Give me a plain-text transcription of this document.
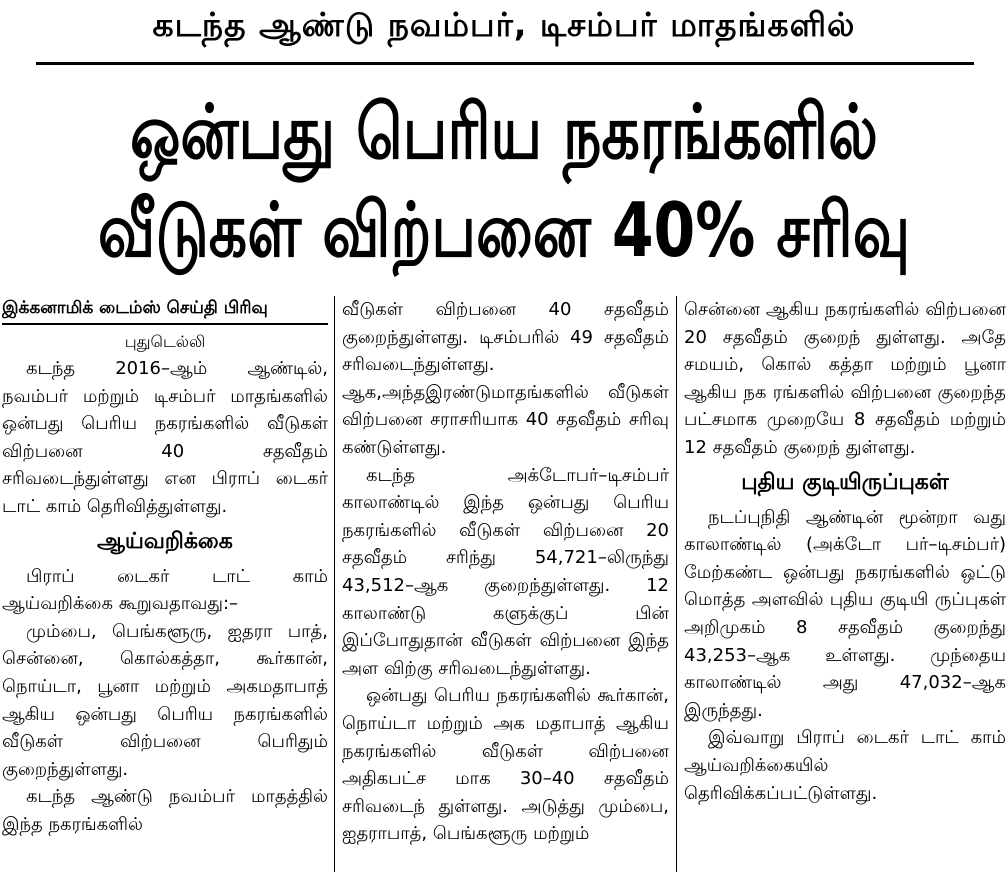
கடந்த ஆண்டு நவம்பர், டிசம்பர் மாதங்களில்
ஒன்பது பெரிய நகரங்களில்
வீடுகள் விற்பனை 40% சரிவு
இக்கனாமிக் டைம்ஸ் செய்தி பிரிவு
புதுடெல்லி

கடந்த 2016–ஆம் ஆண்டில், நவம்பர் மற்றும் டிசம்பர் மாதங்களில் ஒன்பது பெரிய நகரங்களில் வீடுகள் விற்பனை 40 சதவீதம் சரிவடைந்துள்ளது என பிராப் டைகர் டாட் காம் தெரிவித்துள்ளது.

ஆய்வறிக்கை

பிராப் டைகர் டாட் காம் ஆய்வறிக்கை கூறுவதாவது:–

மும்பை, பெங்களூரு, ஐதரா பாத், சென்னை, கொல்கத்தா, கூர்கான், நொய்டா, பூனா மற்றும் அகமதாபாத் ஆகிய ஒன்பது பெரிய நகரங்களில் வீடுகள் விற்பனை பெரிதும் குறைந்துள்ளது.

கடந்த ஆண்டு நவம்பர் மாதத்தில் இந்த நகரங்களில்

வீடுகள் விற்பனை 40 சதவீதம் குறைந்துள்ளது. டிசம்பரில் 49 சதவீதம் சரிவடைந்துள்ளது. ஆக,அந்தஇரண்டுமாதங்களில் வீடுகள் விற்பனை சராசரியாக 40 சதவீதம் சரிவு கண்டுள்ளது.

கடந்த அக்டோபர்–டிசம்பர் காலாண்டில் இந்த ஒன்பது பெரிய நகரங்களில் வீடுகள் விற்பனை 20 சதவீதம் சரிந்து 54,721–லிருந்து 43,512–ஆக குறைந்துள்ளது. 12 காலாண்டு களுக்குப் பின் இப்போதுதான் வீடுகள் விற்பனை இந்த அள விற்கு சரிவடைந்துள்ளது.

ஒன்பது பெரிய நகரங்களில் கூர்கான், நொய்டா மற்றும் அக மதாபாத் ஆகிய நகரங்களில் வீடுகள் விற்பனை அதிகபட்ச மாக 30–40 சதவீதம் சரிவடைந் துள்ளது. அடுத்து மும்பை, ஐதராபாத், பெங்களூரு மற்றும்

சென்னை ஆகிய நகரங்களில் விற்பனை 20 சதவீதம் குறைந் துள்ளது. அதே சமயம், கொல் கத்தா மற்றும் பூனா ஆகிய நக ரங்களில் விற்பனை குறைந்த பட்சமாக முறையே 8 சதவீதம் மற்றும் 12 சதவீதம் குறைந் துள்ளது.

புதிய குடியிருப்புகள்

நடப்புநிதி ஆண்டின் மூன்றா வது காலாண்டில் (அக்டோ பர்–டிசம்பர்) மேற்கண்ட ஒன்பது நகரங்களில் ஒட்டு மொத்த அளவில் புதிய குடியி ருப்புகள் அறிமுகம் 8 சதவீதம் குறைந்து 43,253–ஆக உள்ளது. முந்தைய காலாண்டில் அது 47,032–ஆக இருந்தது.

இவ்வாறு பிராப் டைகர் டாட் காம் ஆய்வறிக்கையில் தெரிவிக்கப்பட்டுள்ளது.
